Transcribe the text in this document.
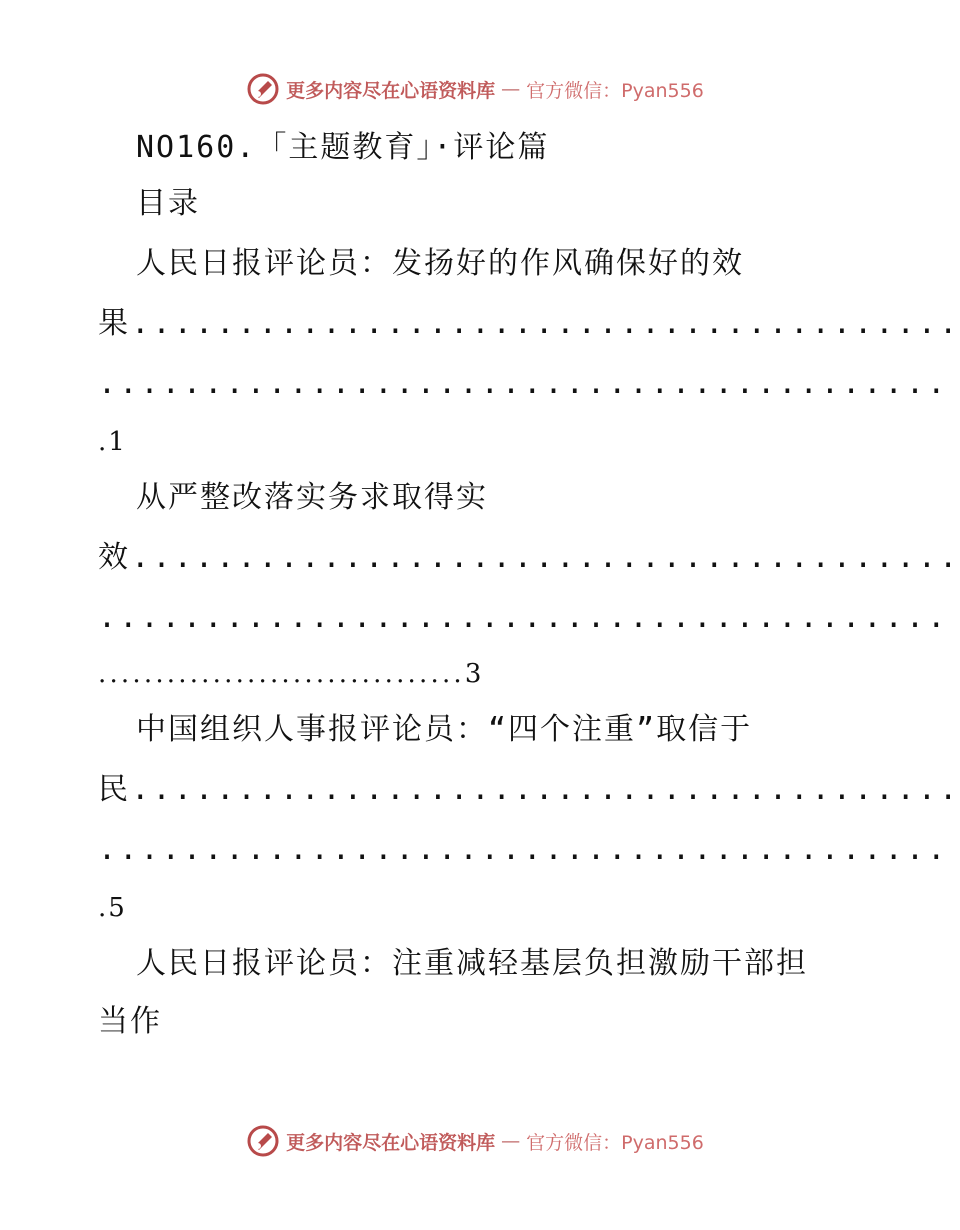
更多内容尽在心语资料库 — 官方微信：Pyan556
NO160.「主题教育」·评论篇
目录
人民日报评论员：发扬好的作风确保好的效
果.......................................
........................................
.1
从严整改落实务求取得实
效.......................................
........................................
................................3
中国组织人事报评论员：“四个注重”取信于
民.......................................
........................................
.5
人民日报评论员：注重减轻基层负担激励干部担
当作
更多内容尽在心语资料库 — 官方微信：Pyan556
